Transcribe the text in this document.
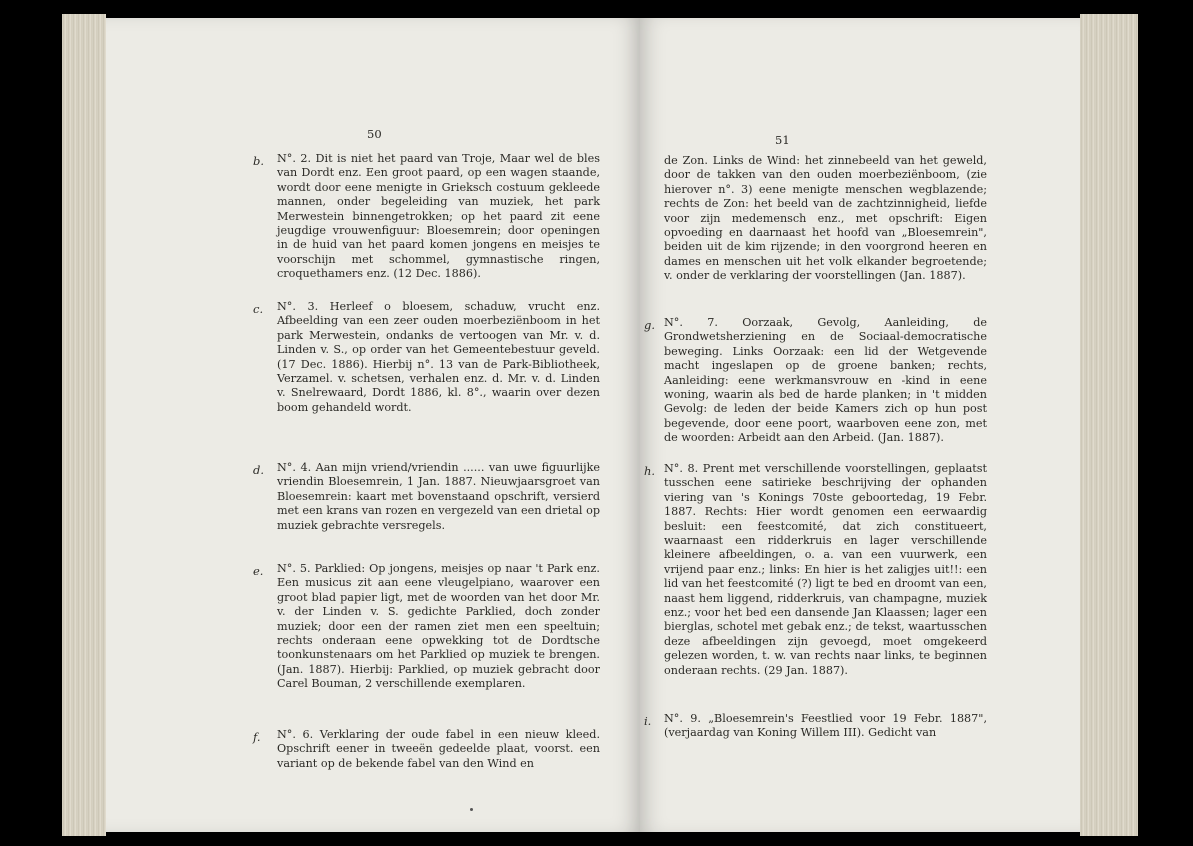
50
b. N°. 2. Dit is niet het paard van Troje, Maar wel de bles van Dordt enz. Een groot paard, op een wagen staande, wordt door eene menigte in Grieksch costuum gekleede mannen, onder begeleiding van muziek, het park Merwestein binnengetrokken; op het paard zit eene jeugdige vrouwenfiguur: Bloesemrein; door openingen in de huid van het paard komen jongens en meisjes te voorschijn met schommel, gymnastische ringen, croquethamers enz. (12 Dec. 1886).
c. N°. 3. Herleef o bloesem, schaduw, vrucht enz. Afbeelding van een zeer ouden moerbeziënboom in het park Merwestein, ondanks de vertoogen van Mr. v. d. Linden v. S., op order van het Gemeentebestuur geveld. (17 Dec. 1886). Hierbij n°. 13 van de Park-Bibliotheek, Verzamel. v. schetsen, verhalen enz. d. Mr. v. d. Linden v. Snelrewaard, Dordt 1886, kl. 8°., waarin over dezen boom gehandeld wordt.
d. N°. 4. Aan mijn vriend/vriendin ...... van uwe figuurlijke vriendin Bloesemrein, 1 Jan. 1887. Nieuwjaarsgroet van Bloesemrein: kaart met bovenstaand opschrift, versierd met een krans van rozen en vergezeld van een drietal op muziek gebrachte versregels.
e. N°. 5. Parklied: Op jongens, meisjes op naar 't Park enz. Een musicus zit aan eene vleugelpiano, waarover een groot blad papier ligt, met de woorden van het door Mr. v. der Linden v. S. gedichte Parklied, doch zonder muziek; door een der ramen ziet men een speeltuin; rechts onderaan eene opwekking tot de Dordtsche toonkunstenaars om het Parklied op muziek te brengen. (Jan. 1887). Hierbij: Parklied, op muziek gebracht door Carel Bouman, 2 verschillende exemplaren.
f. N°. 6. Verklaring der oude fabel in een nieuw kleed. Opschrift eener in tweeën gedeelde plaat, voorst. een variant op de bekende fabel van den Wind en
51
de Zon. Links de Wind: het zinnebeeld van het geweld, door de takken van den ouden moerbeziënboom, (zie hierover n°. 3) eene menigte menschen wegblazende; rechts de Zon: het beeld van de zachtzinnigheid, liefde voor zijn medemensch enz., met opschrift: Eigen opvoeding en daarnaast het hoofd van „Bloesemrein", beiden uit de kim rijzende; in den voorgrond heeren en dames en menschen uit het volk elkander begroetende; v. onder de verklaring der voorstellingen (Jan. 1887).
g. N°. 7. Oorzaak, Gevolg, Aanleiding, de Grondwetsherziening en de Sociaal-democratische beweging. Links Oorzaak: een lid der Wetgevende macht ingeslapen op de groene banken; rechts, Aanleiding: eene werkmansvrouw en -kind in eene woning, waarin als bed de harde planken; in 't midden Gevolg: de leden der beide Kamers zich op hun post begevende, door eene poort, waarboven eene zon, met de woorden: Arbeidt aan den Arbeid. (Jan. 1887).
h. N°. 8. Prent met verschillende voorstellingen, geplaatst tusschen eene satirieke beschrijving der ophanden viering van 's Konings 70ste geboortedag, 19 Febr. 1887. Rechts: Hier wordt genomen een eerwaardig besluit: een feestcomité, dat zich constitueert, waarnaast een ridderkruis en lager verschillende kleinere afbeeldingen, o. a. van een vuurwerk, een vrijend paar enz.; links: En hier is het zaligjes uit!!: een lid van het feestcomité (?) ligt te bed en droomt van een, naast hem liggend, ridderkruis, van champagne, muziek enz.; voor het bed een dansende Jan Klaassen; lager een bierglas, schotel met gebak enz.; de tekst, waartusschen deze afbeeldingen zijn gevoegd, moet omgekeerd gelezen worden, t. w. van rechts naar links, te beginnen onderaan rechts. (29 Jan. 1887).
i. N°. 9. „Bloesemrein's Feestlied voor 19 Febr. 1887", (verjaardag van Koning Willem III). Gedicht van
